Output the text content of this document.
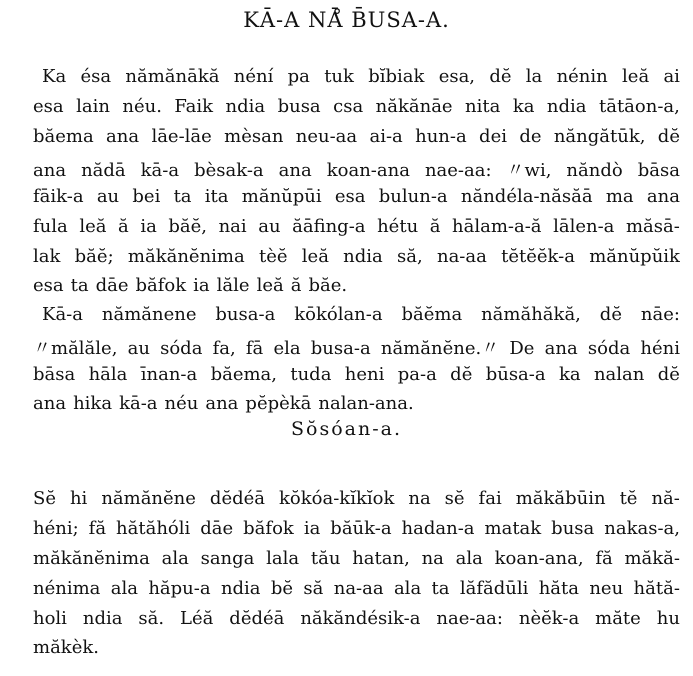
KĀ-A NĀ̊ B̄USA-A.
Ka ésa nămănākă néní pa tuk bĭb̄iak esa, dĕ la nénin leă ai
esa lain néu. Faik ndia busa csa năkănāe nita ka ndia tātāon-a,
băema ana lāe-lāe mèsan neu-aa ai-a hun-a dei de năngătūk, dĕ
ana nădā kā-a bèsak-a ana koan-ana nae-aa: 〃wi, năndò bāsa
fāik-a au bei ta ita mănŭpūi esa bulun-a năndéla-năsăā ma ana
fula leă ă ia băĕ, nai au ăāfing-a hétu ă hālam-a-ă lālen-a măsā-
lak băĕ; măkănĕnima tèĕ leă ndia să, na-aa tĕtĕĕk-a mănŭpŭik
esa ta dāe băfok ia lăle leă ă băe.
Kā-a nămănene busa-a kōkólan-a băĕma nămăhăkă, dĕ nāe:
〃mălăle, au sóda fa, fā ela busa-a nămănĕne.〃 De ana sóda héni
bāsa hāla īnan-a băema, tuda heni pa-a dĕ būsa-a ka nalan dĕ
ana hika kā-a néu ana pĕpèkā nalan-ana.
Sŏsóan-a.
Sĕ hi nămănĕne dĕdéā kŏkóa-kĭkĭok na sĕ fai măkăbūin tĕ nă-
héni; fă hătăhóli dāe băfok ia băūk-a hadan-a matak busa nakas-a,
măkănĕnima ala sanga lala tău hatan, na ala koan-ana, fă măkă-
nénima ala hăpu-a ndia bĕ să na-aa ala ta lăfădūli hăta neu hătă-
holi ndia să. Léă dĕdéā năkăndésik-a nae-aa: nèĕk-a măte hu
măkèk.
